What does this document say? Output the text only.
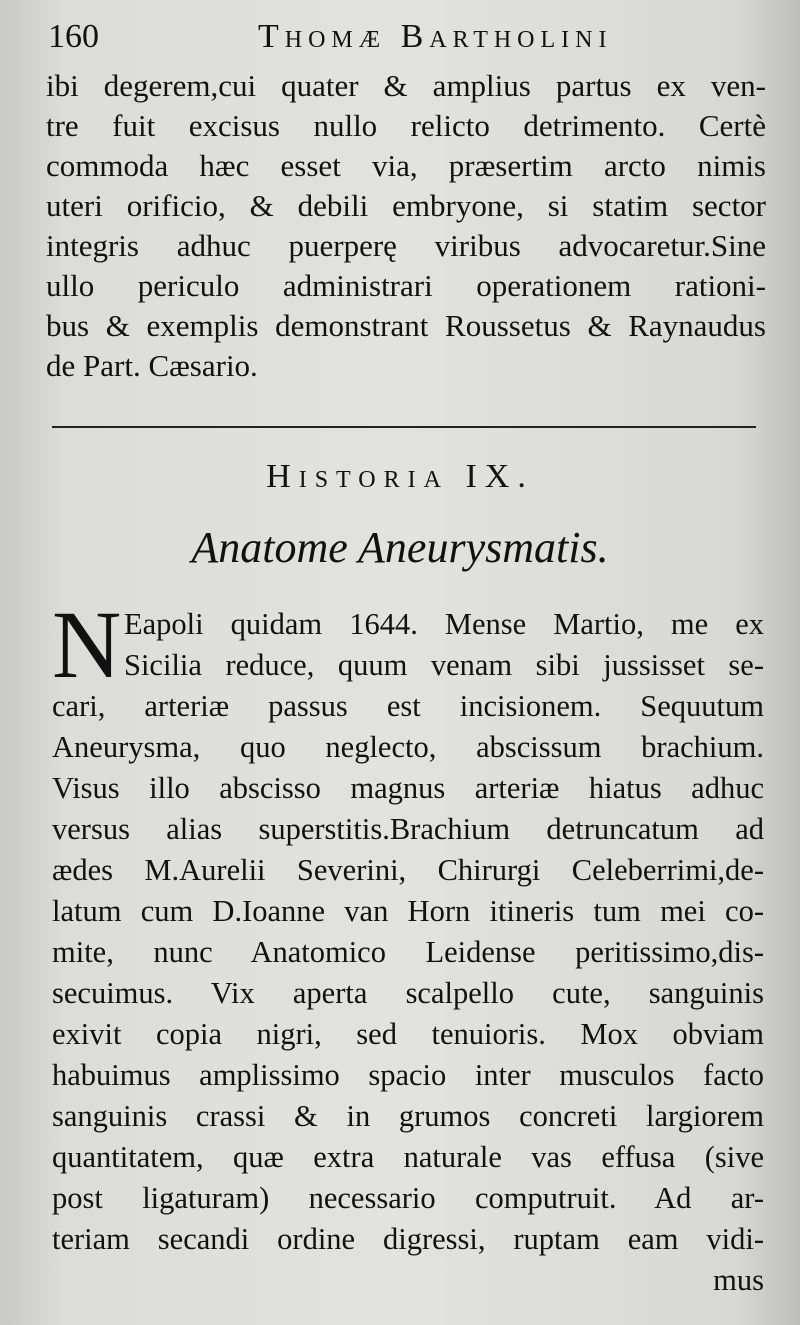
160	Thomæ Bartholini
ibi degerem,cui quater & amplius partus ex ven-
tre fuit excisus nullo relicto detrimento. Certè
commoda hæc esset via, præsertim arcto nimis
uteri orificio, & debili embryone, si statim sector
integris adhuc puerperę viribus advocaretur.Sine
ullo periculo administrari operationem rationi-
bus & exemplis demonstrant Roussetus & Raynaudus
de Part. Cæsario.
Historia IX.
Anatome Aneurysmatis.
N Eapoli quidam 1644. Mense Martio, me ex
Sicilia reduce, quum venam sibi jussisset se-
cari, arteriæ passus est incisionem. Sequutum
Aneurysma, quo neglecto, abscissum brachium.
Visus illo abscisso magnus arteriæ hiatus adhuc
versus alias superstitis.Brachium detruncatum ad
ædes M.Aurelii Severini, Chirurgi Celeberrimi,de-
latum cum D.Ioanne van Horn itineris tum mei co-
mite, nunc Anatomico Leidense peritissimo,dis-
secuimus. Vix aperta scalpello cute, sanguinis
exivit copia nigri, sed tenuioris. Mox obviam
habuimus amplissimo spacio inter musculos facto
sanguinis crassi & in grumos concreti largiorem
quantitatem, quæ extra naturale vas effusa (sive
post ligaturam) necessario computruit. Ad ar-
teriam secandi ordine digressi, ruptam eam vidi-
mus
